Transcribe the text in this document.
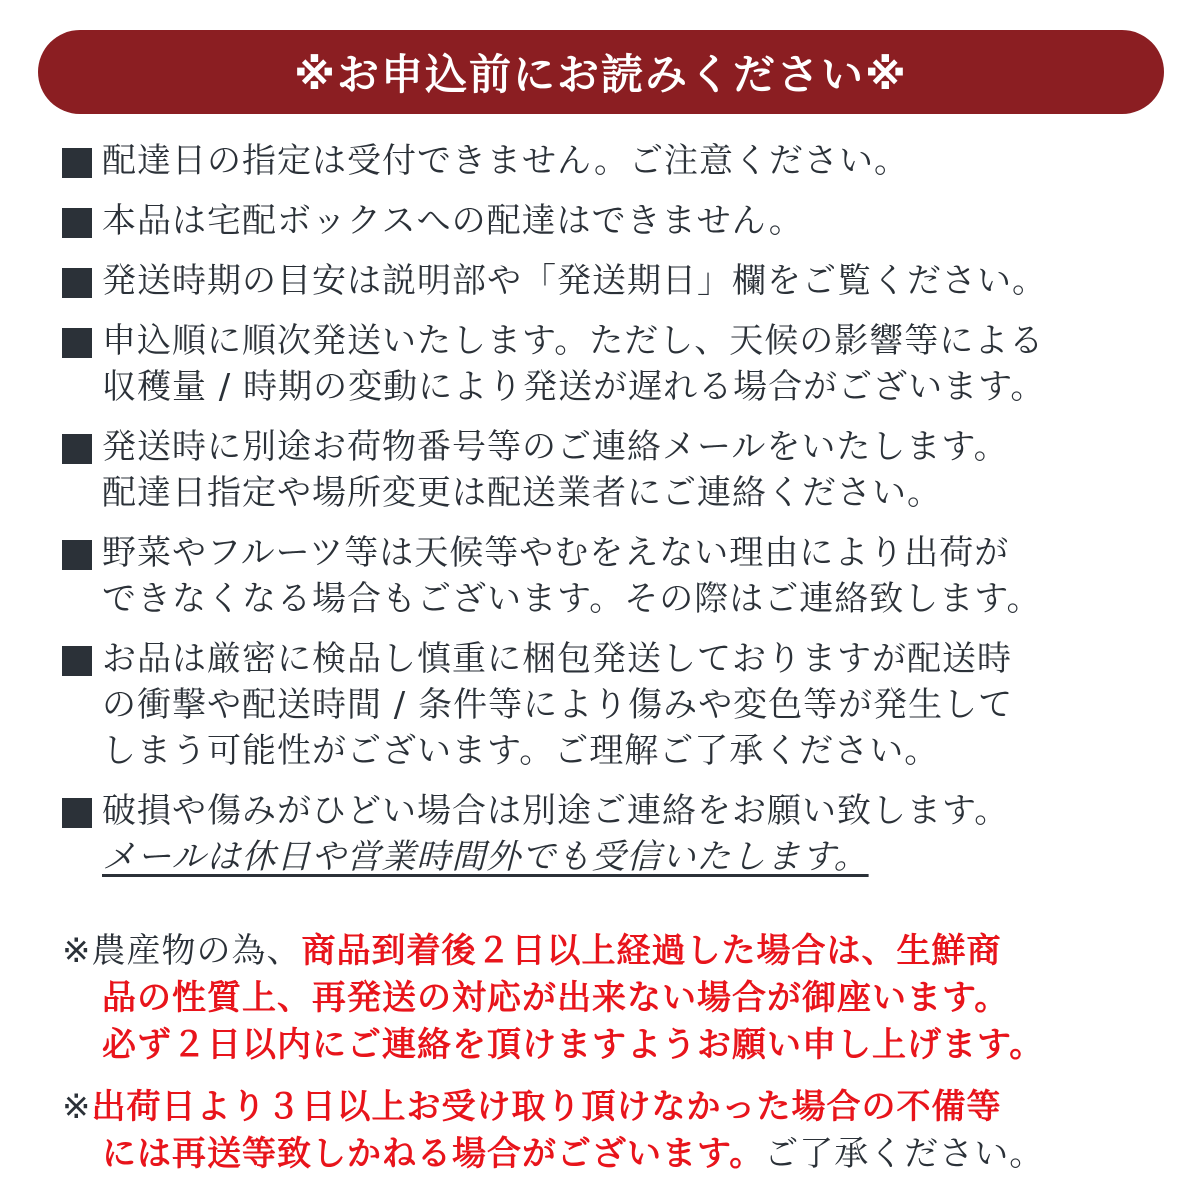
※お申込前にお読みください※
配達日の指定は受付できません。ご注意ください。
本品は宅配ボックスへの配達はできません。
発送時期の目安は説明部や「発送期日」欄をご覧ください。
申込順に順次発送いたします。ただし、天候の影響等による
収穫量 / 時期の変動により発送が遅れる場合がございます。
発送時に別途お荷物番号等のご連絡メールをいたします。
配達日指定や場所変更は配送業者にご連絡ください。
野菜やフルーツ等は天候等やむをえない理由により出荷が
できなくなる場合もございます。その際はご連絡致します。
お品は厳密に検品し慎重に梱包発送しておりますが配送時
の衝撃や配送時間 / 条件等により傷みや変色等が発生して
しまう可能性がございます。ご理解ご了承ください。
破損や傷みがひどい場合は別途ご連絡をお願い致します。
メールは休日や営業時間外でも受信いたします。
※農産物の為、商品到着後２日以上経過した場合は、生鮮商
品の性質上、再発送の対応が出来ない場合が御座います。
必ず２日以内にご連絡を頂けますようお願い申し上げます。
※出荷日より３日以上お受け取り頂けなかった場合の不備等
には再送等致しかねる場合がございます。ご了承ください。
